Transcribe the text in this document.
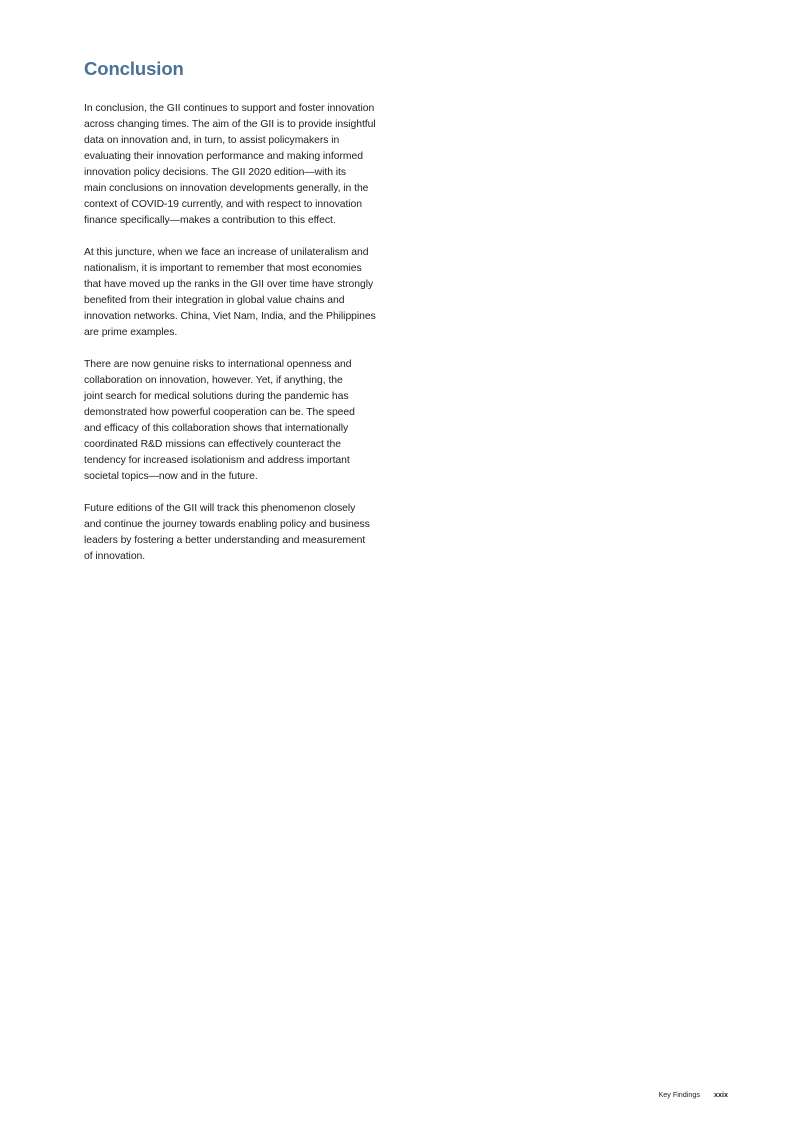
Conclusion

In conclusion, the GII continues to support and foster innovation
across changing times. The aim of the GII is to provide insightful
data on innovation and, in turn, to assist policymakers in
evaluating their innovation performance and making informed
innovation policy decisions. The GII 2020 edition—with its
main conclusions on innovation developments generally, in the
context of COVID-19 currently, and with respect to innovation
finance specifically—makes a contribution to this effect.

At this juncture, when we face an increase of unilateralism and
nationalism, it is important to remember that most economies
that have moved up the ranks in the GII over time have strongly
benefited from their integration in global value chains and
innovation networks. China, Viet Nam, India, and the Philippines
are prime examples.

There are now genuine risks to international openness and
collaboration on innovation, however. Yet, if anything, the
joint search for medical solutions during the pandemic has
demonstrated how powerful cooperation can be. The speed
and efficacy of this collaboration shows that internationally
coordinated R&D missions can effectively counteract the
tendency for increased isolationism and address important
societal topics—now and in the future.

Future editions of the GII will track this phenomenon closely
and continue the journey towards enabling policy and business
leaders by fostering a better understanding and measurement
of innovation.

Key Findings xxix
